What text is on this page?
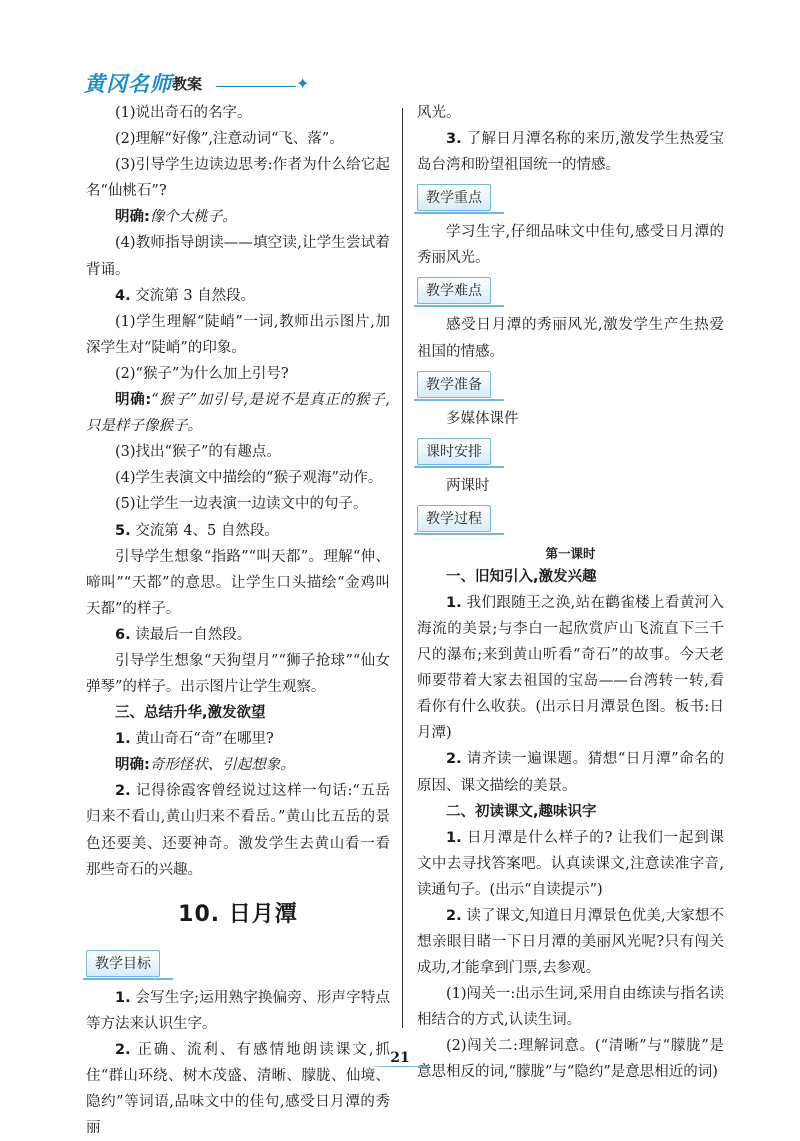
黄冈名师 教案	✦

(1)说出奇石的名字。

(2)理解“好像”,注意动词“飞、落”。

(3)引导学生边读边思考:作者为什么给它起名“仙桃石”?

明确:像个大桃子。

(4)教师指导朗读——填空读,让学生尝试着背诵。

4. 交流第 3 自然段。

(1)学生理解“陡峭”一词,教师出示图片,加深学生对“陡峭”的印象。

(2)“猴子”为什么加上引号?

明确:“猴子”加引号,是说不是真正的猴子,只是样子像猴子。

(3)找出“猴子”的有趣点。

(4)学生表演文中描绘的“猴子观海”动作。

(5)让学生一边表演一边读文中的句子。

5. 交流第 4、5 自然段。

引导学生想象“指路”“叫天都”。理解“伸、啼叫”“天都”的意思。让学生口头描绘“金鸡叫天都”的样子。

6. 读最后一自然段。

引导学生想象“天狗望月”“狮子抢球”“仙女弹琴”的样子。出示图片让学生观察。

三、总结升华,激发欲望

1. 黄山奇石“奇”在哪里?

明确:奇形怪状、引起想象。

2. 记得徐霞客曾经说过这样一句话:“五岳归来不看山,黄山归来不看岳。”黄山比五岳的景色还要美、还要神奇。激发学生去黄山看一看那些奇石的兴趣。

10. 日月潭
教学目标

1. 会写生字;运用熟字换偏旁、形声字特点等方法来认识生字。

2. 正确、流利、有感情地朗读课文,抓住“群山环绕、树木茂盛、清晰、朦胧、仙境、隐约”等词语,品味文中的佳句,感受日月潭的秀丽

风光。

3. 了解日月潭名称的来历,激发学生热爱宝岛台湾和盼望祖国统一的情感。

教学重点

学习生字,仔细品味文中佳句,感受日月潭的秀丽风光。

教学难点

感受日月潭的秀丽风光,激发学生产生热爱祖国的情感。

教学准备

多媒体课件

课时安排

两课时

教学过程
第一课时
一、旧知引入,激发兴趣

1. 我们跟随王之涣,站在鹳雀楼上看黄河入海流的美景;与李白一起欣赏庐山飞流直下三千尺的瀑布;来到黄山听看“奇石”的故事。今天老师要带着大家去祖国的宝岛——台湾转一转,看看你有什么收获。(出示日月潭景色图。板书:日月潭)

2. 请齐读一遍课题。猜想“日月潭”命名的原因、课文描绘的美景。

二、初读课文,趣味识字

1. 日月潭是什么样子的? 让我们一起到课文中去寻找答案吧。认真读课文,注意读准字音,读通句子。(出示“自读提示”)

2. 读了课文,知道日月潭景色优美,大家想不想亲眼目睹一下日月潭的美丽风光呢?只有闯关成功,才能拿到门票,去参观。

(1)闯关一:出示生词,采用自由练读与指名读相结合的方式,认读生词。

(2)闯关二:理解词意。(“清晰”与“朦胧”是意思相反的词,“朦胧”与“隐约”是意思相近的词)

21
